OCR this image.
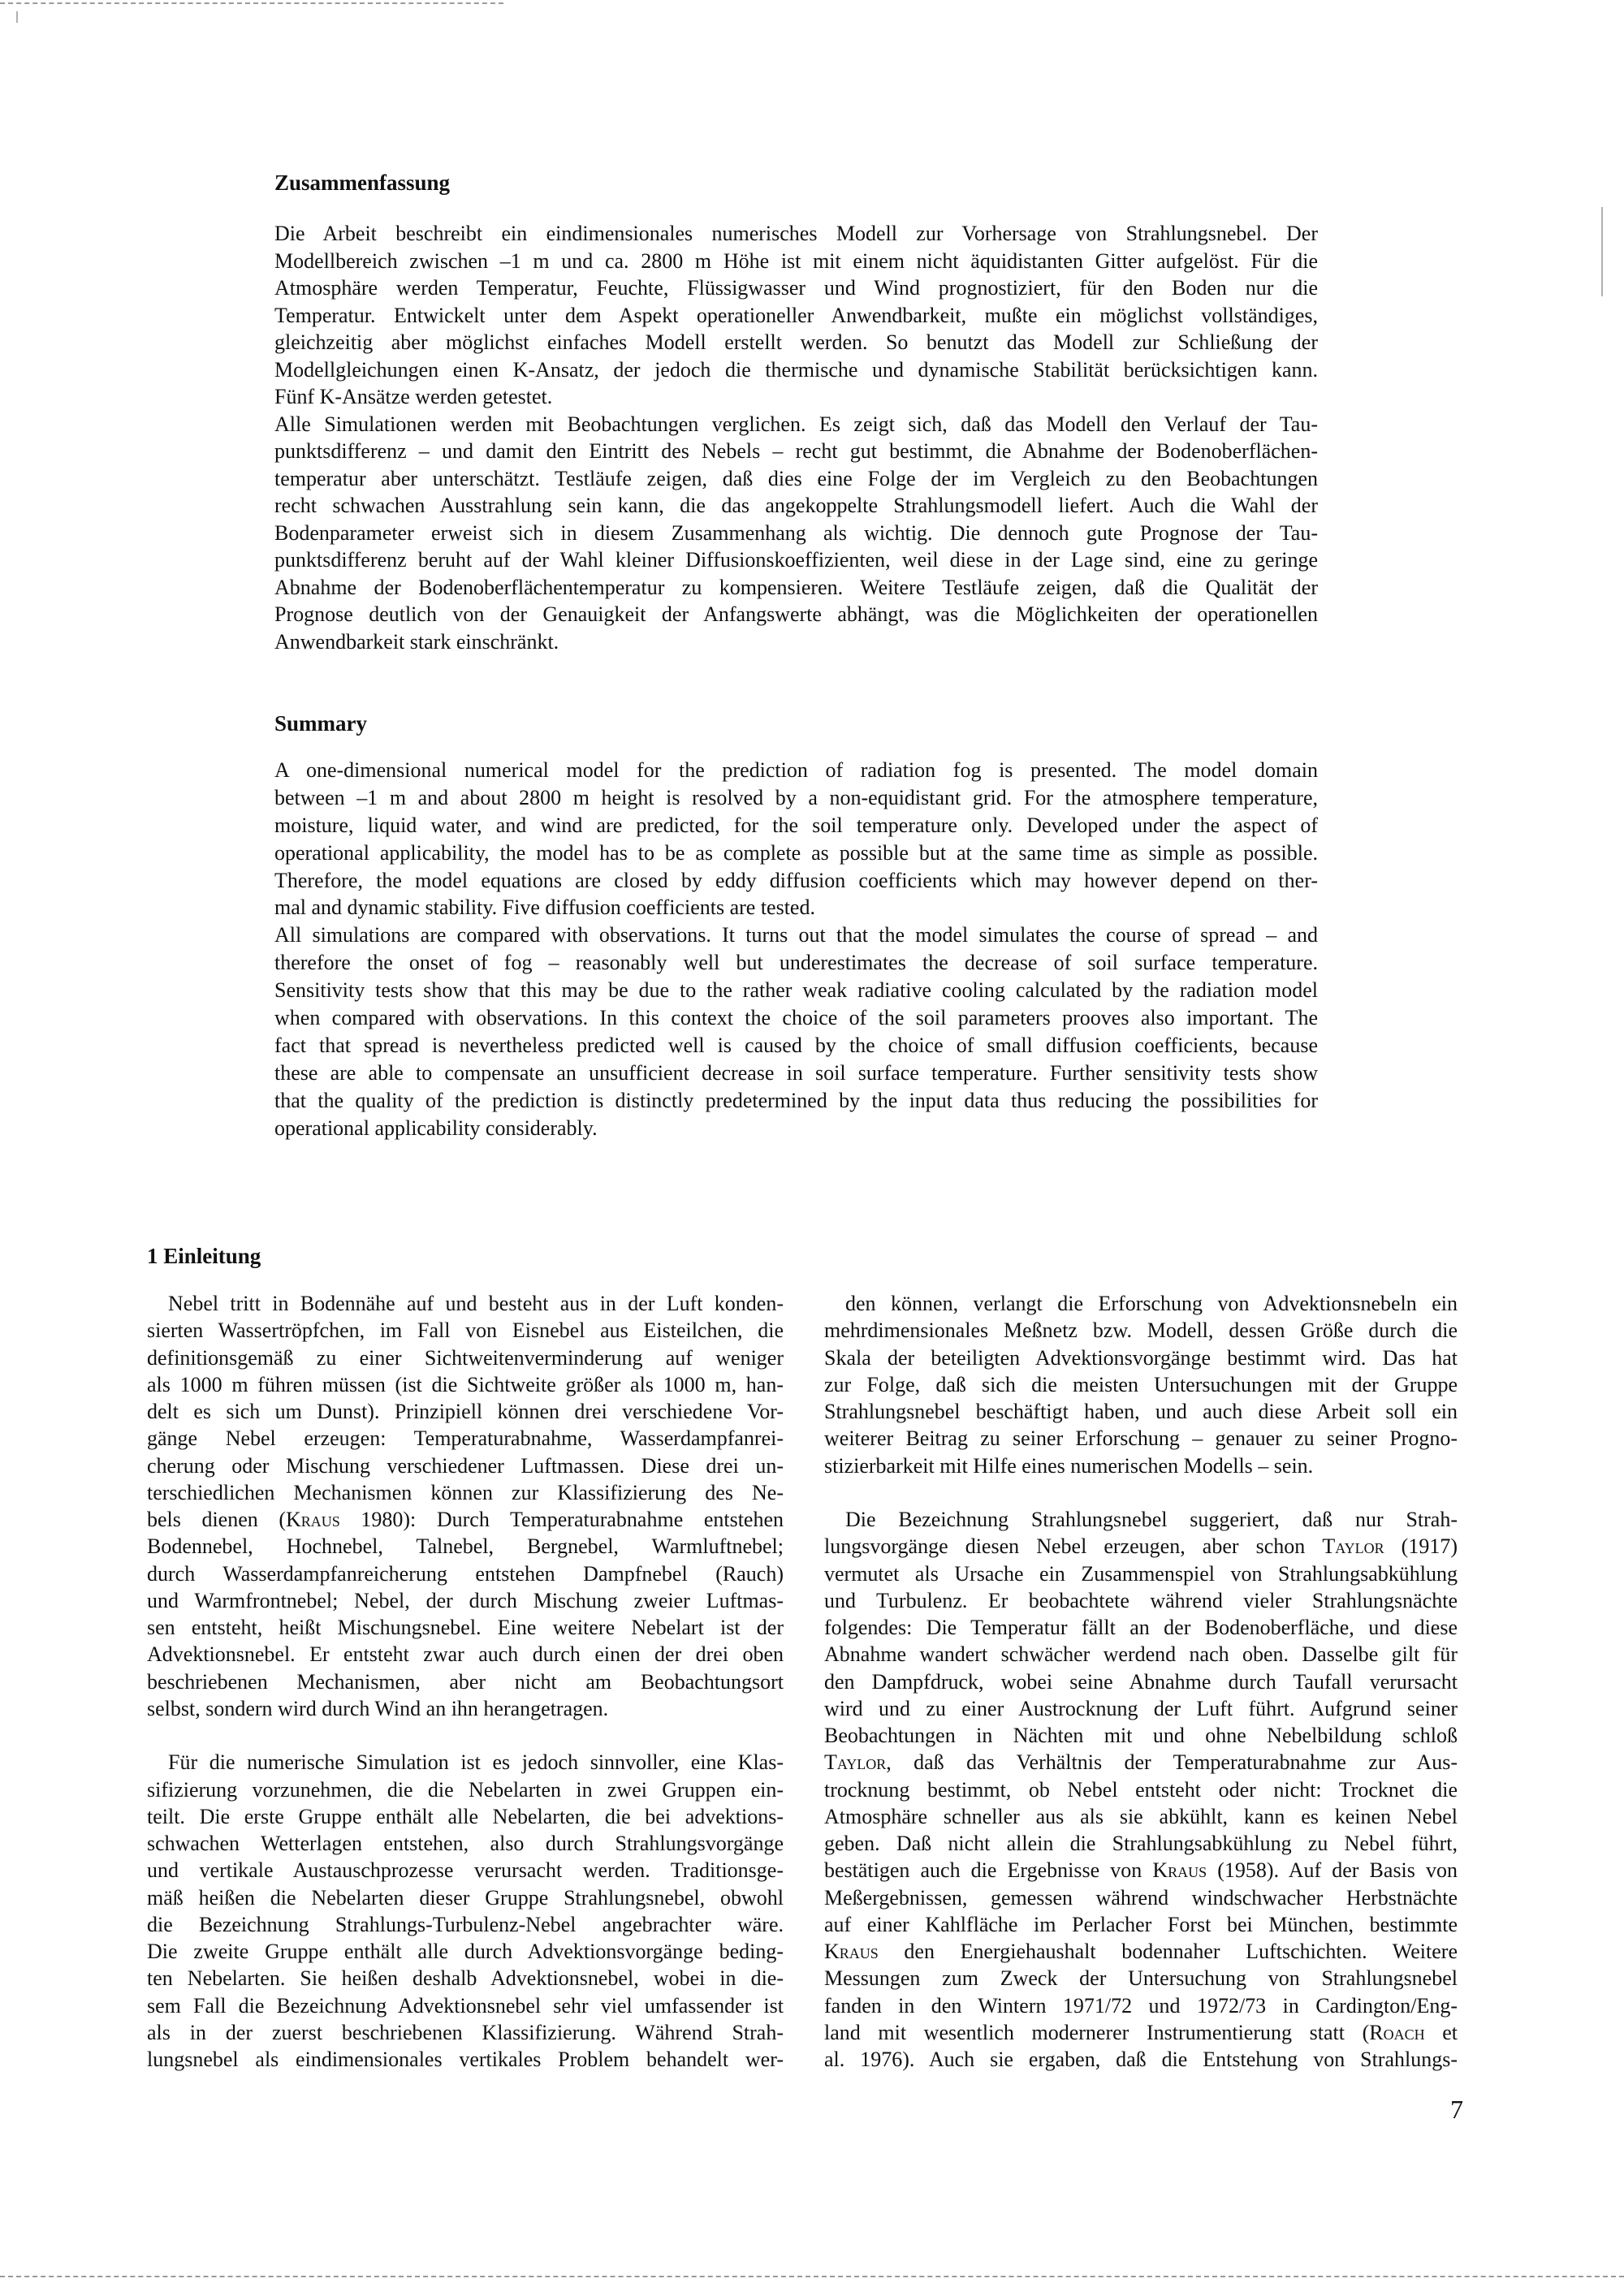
Zusammenfassung
Die Arbeit beschreibt ein eindimensionales numerisches Modell zur Vorhersage von Strahlungsnebel. Der
Modellbereich zwischen –1 m und ca. 2800 m Höhe ist mit einem nicht äquidistanten Gitter aufgelöst. Für die
Atmosphäre werden Temperatur, Feuchte, Flüssigwasser und Wind prognostiziert, für den Boden nur die
Temperatur. Entwickelt unter dem Aspekt operationeller Anwendbarkeit, mußte ein möglichst vollständiges,
gleichzeitig aber möglichst einfaches Modell erstellt werden. So benutzt das Modell zur Schließung der
Modellgleichungen einen K-Ansatz, der jedoch die thermische und dynamische Stabilität berücksichtigen kann.
Fünf K-Ansätze werden getestet.
Alle Simulationen werden mit Beobachtungen verglichen. Es zeigt sich, daß das Modell den Verlauf der Tau-
punktsdifferenz – und damit den Eintritt des Nebels – recht gut bestimmt, die Abnahme der Bodenoberflächen-
temperatur aber unterschätzt. Testläufe zeigen, daß dies eine Folge der im Vergleich zu den Beobachtungen
recht schwachen Ausstrahlung sein kann, die das angekoppelte Strahlungsmodell liefert. Auch die Wahl der
Bodenparameter erweist sich in diesem Zusammenhang als wichtig. Die dennoch gute Prognose der Tau-
punktsdifferenz beruht auf der Wahl kleiner Diffusionskoeffizienten, weil diese in der Lage sind, eine zu geringe
Abnahme der Bodenoberflächentemperatur zu kompensieren. Weitere Testläufe zeigen, daß die Qualität der
Prognose deutlich von der Genauigkeit der Anfangswerte abhängt, was die Möglichkeiten der operationellen
Anwendbarkeit stark einschränkt.
Summary
A one-dimensional numerical model for the prediction of radiation fog is presented. The model domain
between –1 m and about 2800 m height is resolved by a non-equidistant grid. For the atmosphere temperature,
moisture, liquid water, and wind are predicted, for the soil temperature only. Developed under the aspect of
operational applicability, the model has to be as complete as possible but at the same time as simple as possible.
Therefore, the model equations are closed by eddy diffusion coefficients which may however depend on ther-
mal and dynamic stability. Five diffusion coefficients are tested.
All simulations are compared with observations. It turns out that the model simulates the course of spread – and
therefore the onset of fog – reasonably well but underestimates the decrease of soil surface temperature.
Sensitivity tests show that this may be due to the rather weak radiative cooling calculated by the radiation model
when compared with observations. In this context the choice of the soil parameters prooves also important. The
fact that spread is nevertheless predicted well is caused by the choice of small diffusion coefficients, because
these are able to compensate an unsufficient decrease in soil surface temperature. Further sensitivity tests show
that the quality of the prediction is distinctly predetermined by the input data thus reducing the possibilities for
operational applicability considerably.
1 Einleitung
Nebel tritt in Bodennähe auf und besteht aus in der Luft konden-
sierten Wassertröpfchen, im Fall von Eisnebel aus Eisteilchen, die
definitionsgemäß zu einer Sichtweitenverminderung auf weniger
als 1000 m führen müssen (ist die Sichtweite größer als 1000 m, han-
delt es sich um Dunst). Prinzipiell können drei verschiedene Vor-
gänge Nebel erzeugen: Temperaturabnahme, Wasserdampfanrei-
cherung oder Mischung verschiedener Luftmassen. Diese drei un-
terschiedlichen Mechanismen können zur Klassifizierung des Ne-
bels dienen (Kraus 1980): Durch Temperaturabnahme entstehen
Bodennebel, Hochnebel, Talnebel, Bergnebel, Warmluftnebel;
durch Wasserdampfanreicherung entstehen Dampfnebel (Rauch)
und Warmfrontnebel; Nebel, der durch Mischung zweier Luftmas-
sen entsteht, heißt Mischungsnebel. Eine weitere Nebelart ist der
Advektionsnebel. Er entsteht zwar auch durch einen der drei oben
beschriebenen Mechanismen, aber nicht am Beobachtungsort
selbst, sondern wird durch Wind an ihn herangetragen.
Für die numerische Simulation ist es jedoch sinnvoller, eine Klas-
sifizierung vorzunehmen, die die Nebelarten in zwei Gruppen ein-
teilt. Die erste Gruppe enthält alle Nebelarten, die bei advektions-
schwachen Wetterlagen entstehen, also durch Strahlungsvorgänge
und vertikale Austauschprozesse verursacht werden. Traditionsge-
mäß heißen die Nebelarten dieser Gruppe Strahlungsnebel, obwohl
die Bezeichnung Strahlungs-Turbulenz-Nebel angebrachter wäre.
Die zweite Gruppe enthält alle durch Advektionsvorgänge beding-
ten Nebelarten. Sie heißen deshalb Advektionsnebel, wobei in die-
sem Fall die Bezeichnung Advektionsnebel sehr viel umfassender ist
als in der zuerst beschriebenen Klassifizierung. Während Strah-
lungsnebel als eindimensionales vertikales Problem behandelt wer-
den können, verlangt die Erforschung von Advektionsnebeln ein
mehrdimensionales Meßnetz bzw. Modell, dessen Größe durch die
Skala der beteiligten Advektionsvorgänge bestimmt wird. Das hat
zur Folge, daß sich die meisten Untersuchungen mit der Gruppe
Strahlungsnebel beschäftigt haben, und auch diese Arbeit soll ein
weiterer Beitrag zu seiner Erforschung – genauer zu seiner Progno-
stizierbarkeit mit Hilfe eines numerischen Modells – sein.
Die Bezeichnung Strahlungsnebel suggeriert, daß nur Strah-
lungsvorgänge diesen Nebel erzeugen, aber schon Taylor (1917)
vermutet als Ursache ein Zusammenspiel von Strahlungsabkühlung
und Turbulenz. Er beobachtete während vieler Strahlungsnächte
folgendes: Die Temperatur fällt an der Bodenoberfläche, und diese
Abnahme wandert schwächer werdend nach oben. Dasselbe gilt für
den Dampfdruck, wobei seine Abnahme durch Taufall verursacht
wird und zu einer Austrocknung der Luft führt. Aufgrund seiner
Beobachtungen in Nächten mit und ohne Nebelbildung schloß
Taylor, daß das Verhältnis der Temperaturabnahme zur Aus-
trocknung bestimmt, ob Nebel entsteht oder nicht: Trocknet die
Atmosphäre schneller aus als sie abkühlt, kann es keinen Nebel
geben. Daß nicht allein die Strahlungsabkühlung zu Nebel führt,
bestätigen auch die Ergebnisse von Kraus (1958). Auf der Basis von
Meßergebnissen, gemessen während windschwacher Herbstnächte
auf einer Kahlfläche im Perlacher Forst bei München, bestimmte
Kraus den Energiehaushalt bodennaher Luftschichten. Weitere
Messungen zum Zweck der Untersuchung von Strahlungsnebel
fanden in den Wintern 1971/72 und 1972/73 in Cardington/Eng-
land mit wesentlich modernerer Instrumentierung statt (Roach et
al. 1976). Auch sie ergaben, daß die Entstehung von Strahlungs-
7
